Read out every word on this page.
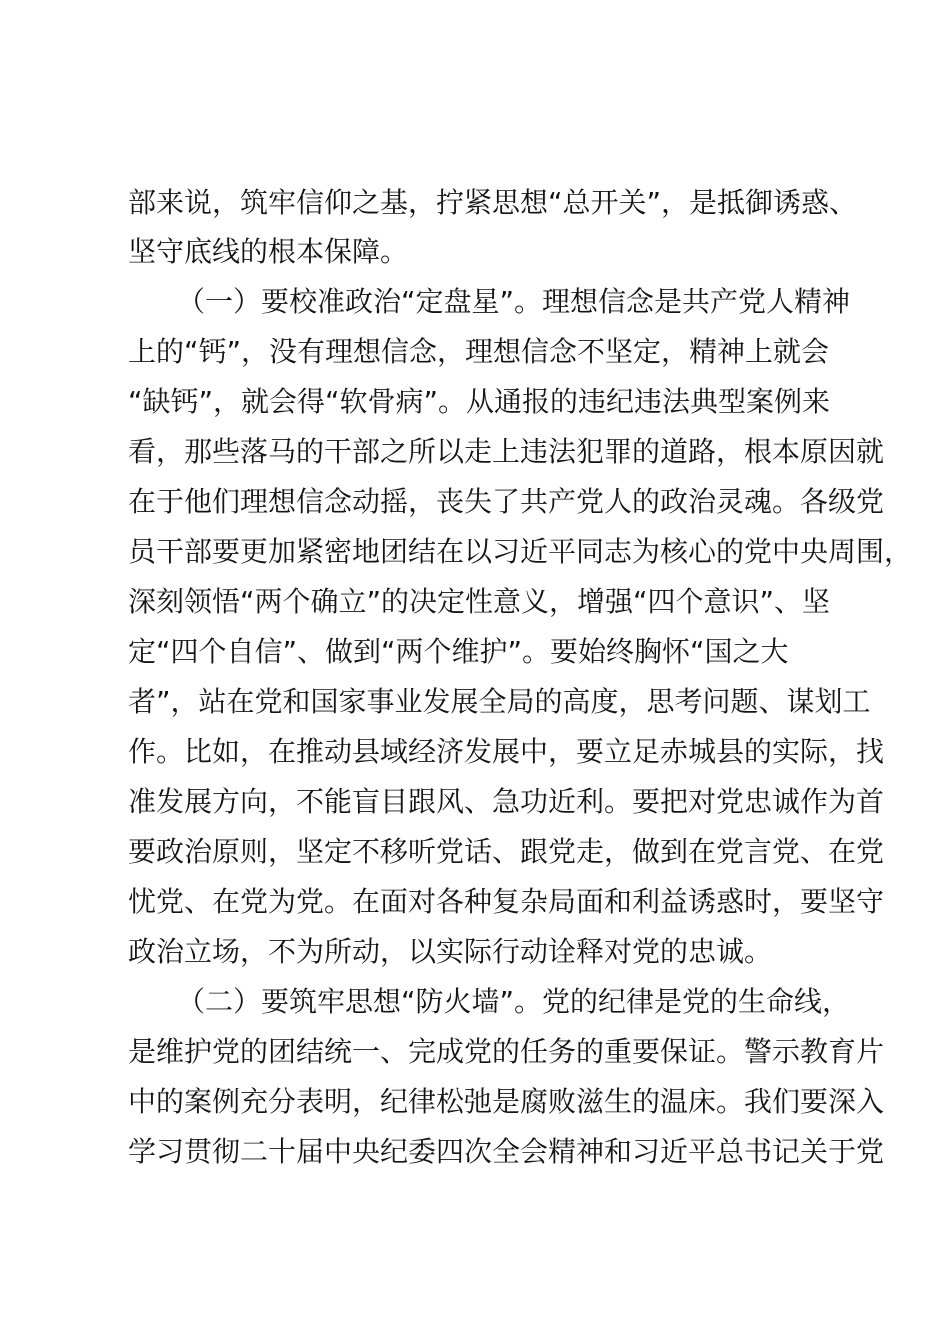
部来说，筑牢信仰之基，拧紧思想“总开关”，是抵御诱惑、
坚守底线的根本保障。
（一）要校准政治“定盘星”。理想信念是共产党人精神
上的“钙”，没有理想信念，理想信念不坚定，精神上就会
“缺钙”，就会得“软骨病”。从通报的违纪违法典型案例来
看，那些落马的干部之所以走上违法犯罪的道路，根本原因就
在于他们理想信念动摇，丧失了共产党人的政治灵魂。各级党
员干部要更加紧密地团结在以习近平同志为核心的党中央周围，
深刻领悟“两个确立”的决定性意义，增强“四个意识”、坚
定“四个自信”、做到“两个维护”。要始终胸怀“国之大
者”，站在党和国家事业发展全局的高度，思考问题、谋划工
作。比如，在推动县域经济发展中，要立足赤城县的实际，找
准发展方向，不能盲目跟风、急功近利。要把对党忠诚作为首
要政治原则，坚定不移听党话、跟党走，做到在党言党、在党
忧党、在党为党。在面对各种复杂局面和利益诱惑时，要坚守
政治立场，不为所动，以实际行动诠释对党的忠诚。
（二）要筑牢思想“防火墙”。党的纪律是党的生命线，
是维护党的团结统一、完成党的任务的重要保证。警示教育片
中的案例充分表明，纪律松弛是腐败滋生的温床。我们要深入
学习贯彻二十届中央纪委四次全会精神和习近平总书记关于党
